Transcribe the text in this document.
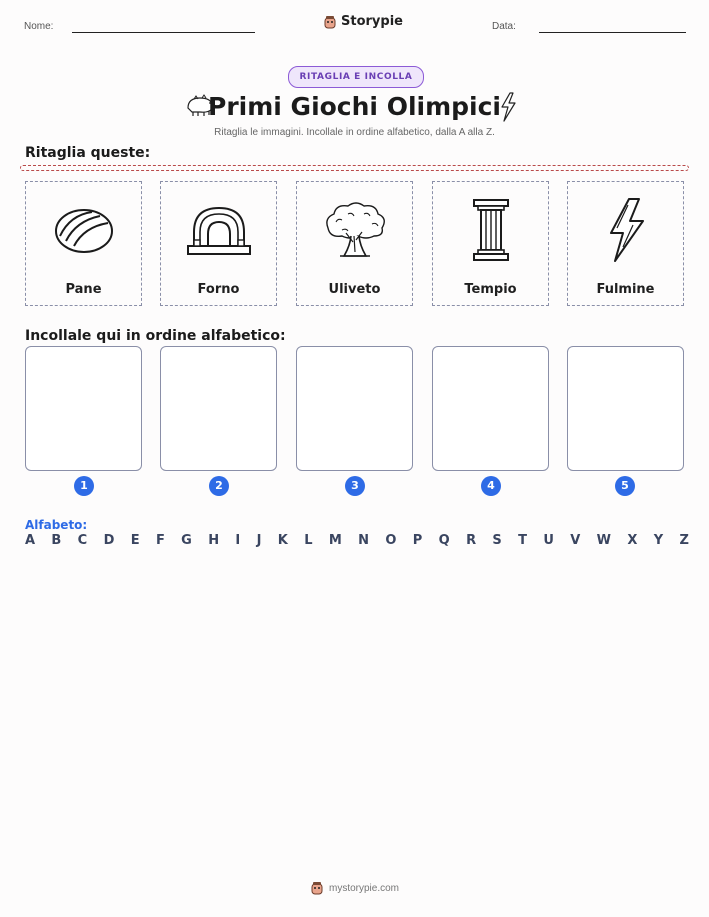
Nome:	Storypie	Data:
RITAGLIA E INCOLLA
Primi Giochi Olimpici
Ritaglia le immagini. Incollale in ordine alfabetico, dalla A alla Z.
Ritaglia queste:
Pane	Forno	Uliveto	Tempio	Fulmine
Incollale qui in ordine alfabetico:
1	2	3	4	5
Alfabeto:
A B C D E F G H I J K L M N O P Q R S T U V W X Y Z
mystorypie.com
